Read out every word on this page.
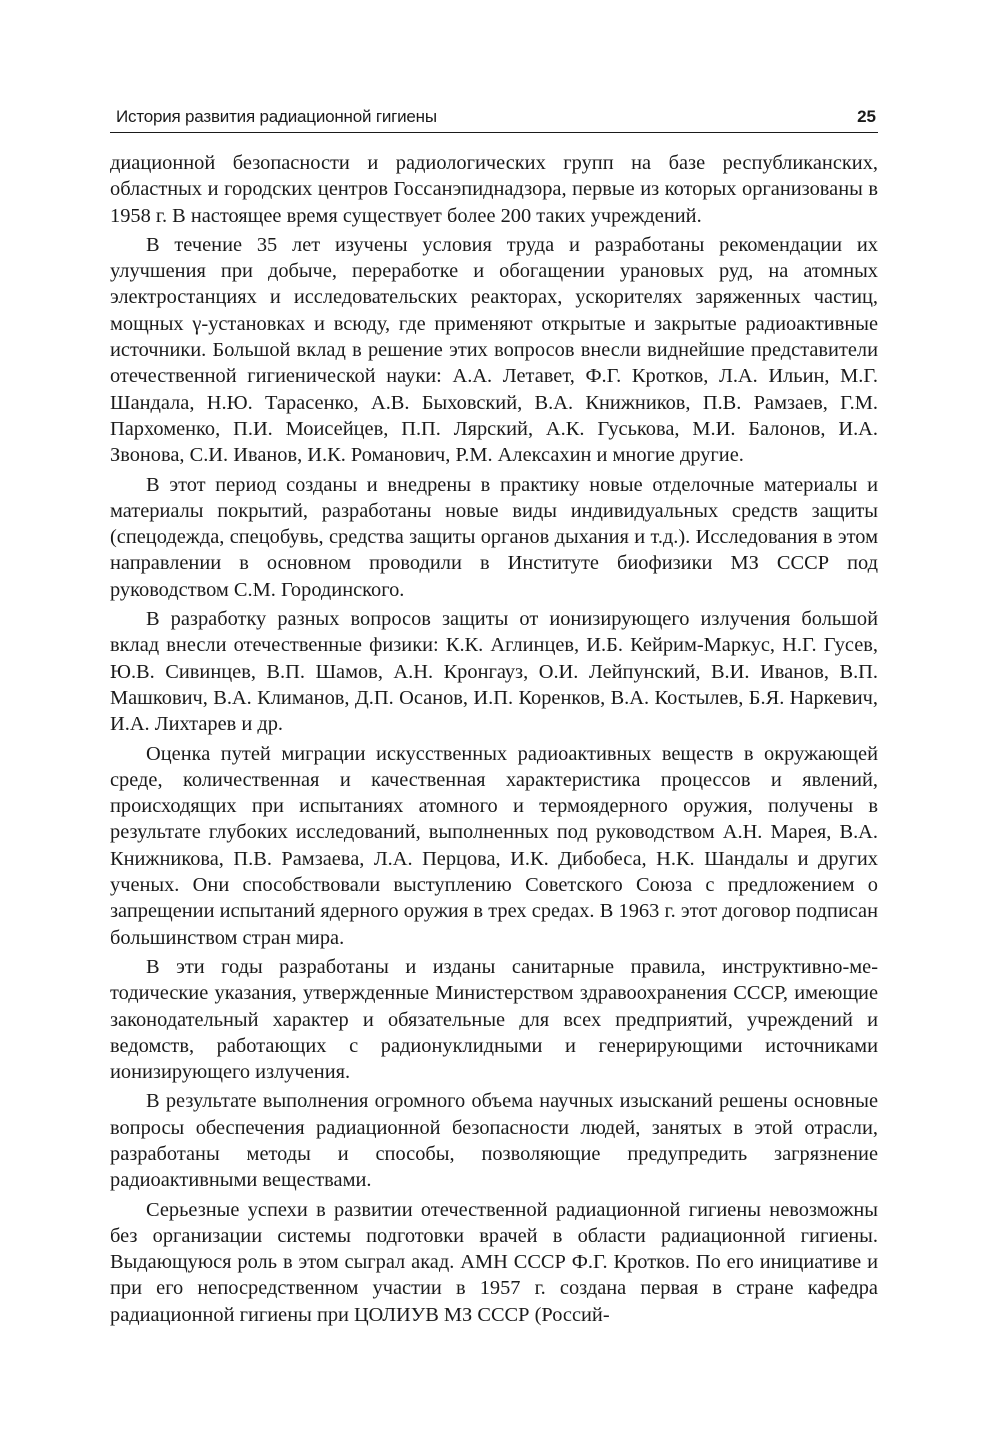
История развития радиационной гигиены	25

диационной безопасности и радиологических групп на базе республиканских, областных и городских центров Госсанэпиднадзора, первые из которых организованы в 1958 г. В настоящее время существует более 200 таких учреждений.

В течение 35 лет изучены условия труда и разработаны рекомендации их улучшения при добыче, переработке и обогащении урановых руд, на атомных электростанциях и исследовательских реакторах, ускорителях заряженных частиц, мощных γ-установках и всюду, где применяют открытые и закрытые радиоактивные источники. Большой вклад в решение этих вопросов внесли виднейшие представители отечественной гигиенической науки: А.А. Летавет, Ф.Г. Кротков, Л.А. Ильин, М.Г. Шандала, Н.Ю. Тарасенко, А.В. Быховский, В.А. Книжников, П.В. Рамзаев, Г.М. Пархоменко, П.И. Моисейцев, П.П. Лярский, А.К. Гуськова, М.И. Балонов, И.А. Звонова, С.И. Иванов, И.К. Романович, Р.М. Алексахин и многие другие.

В этот период созданы и внедрены в практику новые отделочные материалы и материалы покрытий, разработаны новые виды индивидуальных средств защиты (спецодежда, спецобувь, средства защиты органов дыхания и т.д.). Исследования в этом направлении в основном проводили в Институте биофизики МЗ СССР под руководством С.М. Городинского.

В разработку разных вопросов защиты от ионизирующего излучения большой вклад внесли отечественные физики: К.К. Аглинцев, И.Б. Кейрим-Маркус, Н.Г. Гусев, Ю.В. Сивинцев, В.П. Шамов, А.Н. Кронгауз, О.И. Лейпунский, В.И. Иванов, В.П. Машкович, В.А. Климанов, Д.П. Осанов, И.П. Коренков, В.А. Костылев, Б.Я. Наркевич, И.А. Лихтарев и др.

Оценка путей миграции искусственных радиоактивных веществ в окружающей среде, количественная и качественная характеристика процессов и явлений, происходящих при испытаниях атомного и термоядерного оружия, получены в результате глубоких исследований, выполненных под руководством А.Н. Марея, В.А. Книжникова, П.В. Рамзаева, Л.А. Перцова, И.К. Дибобеса, Н.К. Шандалы и других ученых. Они способствовали выступлению Советского Союза с предложением о запрещении испытаний ядерного оружия в трех средах. В 1963 г. этот договор подписан большинством стран мира.

В эти годы разработаны и изданы санитарные правила, инструктивно-методические указания, утвержденные Министерством здравоохранения СССР, имеющие законодательный характер и обязательные для всех предприятий, учреждений и ведомств, работающих с радионуклидными и генерирующими источниками ионизирующего излучения.

В результате выполнения огромного объема научных изысканий решены основные вопросы обеспечения радиационной безопасности людей, занятых в этой отрасли, разработаны методы и способы, позволяющие предупредить загрязнение радиоактивными веществами.

Серьезные успехи в развитии отечественной радиационной гигиены невозможны без организации системы подготовки врачей в области радиационной гигиены. Выдающуюся роль в этом сыграл акад. АМН СССР Ф.Г. Кротков. По его инициативе и при его непосредственном участии в 1957 г. создана первая в стране кафедра радиационной гигиены при ЦОЛИУВ МЗ СССР (Россий-
